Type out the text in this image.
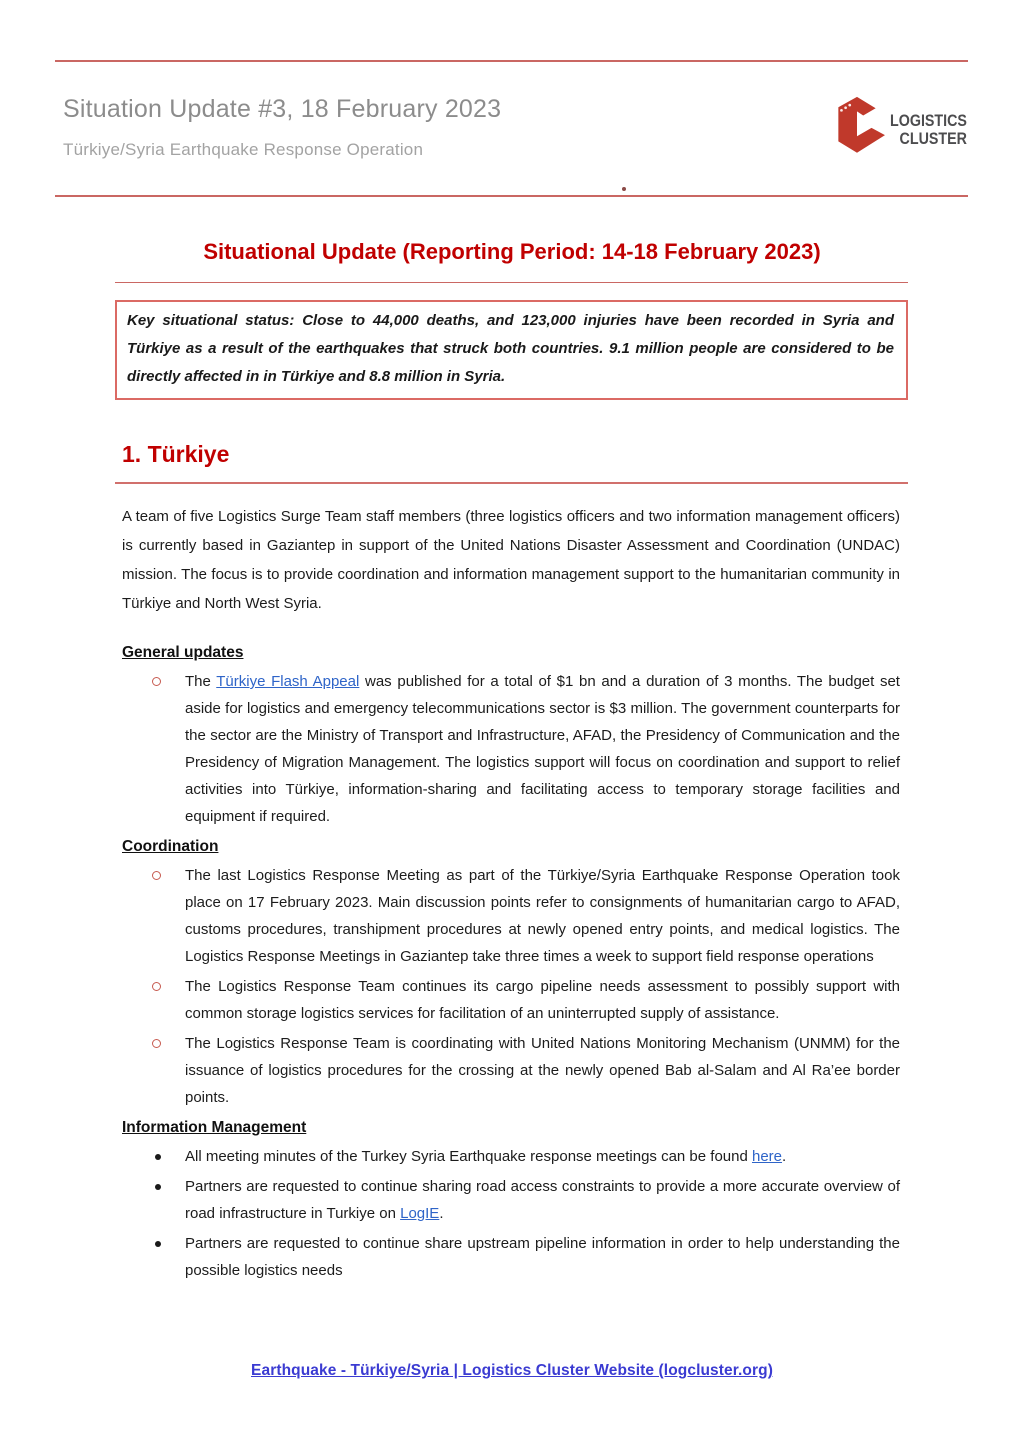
Situation Update #3, 18 February 2023
Türkiye/Syria Earthquake Response Operation
LOGISTICS
CLUSTER
Situational Update (Reporting Period: 14-18 February 2023)

Key situational status: Close to 44,000 deaths, and 123,000 injuries have been recorded in Syria and Türkiye as a result of the earthquakes that struck both countries. 9.1 million people are considered to be directly affected in in Türkiye and 8.8 million in Syria.

1. Türkiye

A team of five Logistics Surge Team staff members (three logistics officers and two information management officers) is currently based in Gaziantep in support of the United Nations Disaster Assessment and Coordination (UNDAC) mission. The focus is to provide coordination and information management support to the humanitarian community in Türkiye and North West Syria.

General updates
The Türkiye Flash Appeal was published for a total of $1 bn and a duration of 3 months. The budget set aside for logistics and emergency telecommunications sector is $3 million. The government counterparts for the sector are the Ministry of Transport and Infrastructure, AFAD, the Presidency of Communication and the Presidency of Migration Management. The logistics support will focus on coordination and support to relief activities into Türkiye, information-sharing and facilitating access to temporary storage facilities and equipment if required.
Coordination
The last Logistics Response Meeting as part of the Türkiye/Syria Earthquake Response Operation took place on 17 February 2023. Main discussion points refer to consignments of humanitarian cargo to AFAD, customs procedures, transhipment procedures at newly opened entry points, and medical logistics. The Logistics Response Meetings in Gaziantep take three times a week to support field response operations
The Logistics Response Team continues its cargo pipeline needs assessment to possibly support with common storage logistics services for facilitation of an uninterrupted supply of assistance.
The Logistics Response Team is coordinating with United Nations Monitoring Mechanism (UNMM) for the issuance of logistics procedures for the crossing at the newly opened Bab al-Salam and Al Ra’ee border points.
Information Management
All meeting minutes of the Turkey Syria Earthquake response meetings can be found here.
Partners are requested to continue sharing road access constraints to provide a more accurate overview of road infrastructure in Turkiye on LogIE.
Partners are requested to continue share upstream pipeline information in order to help understanding the possible logistics needs
Earthquake - Türkiye/Syria | Logistics Cluster Website (logcluster.org)
